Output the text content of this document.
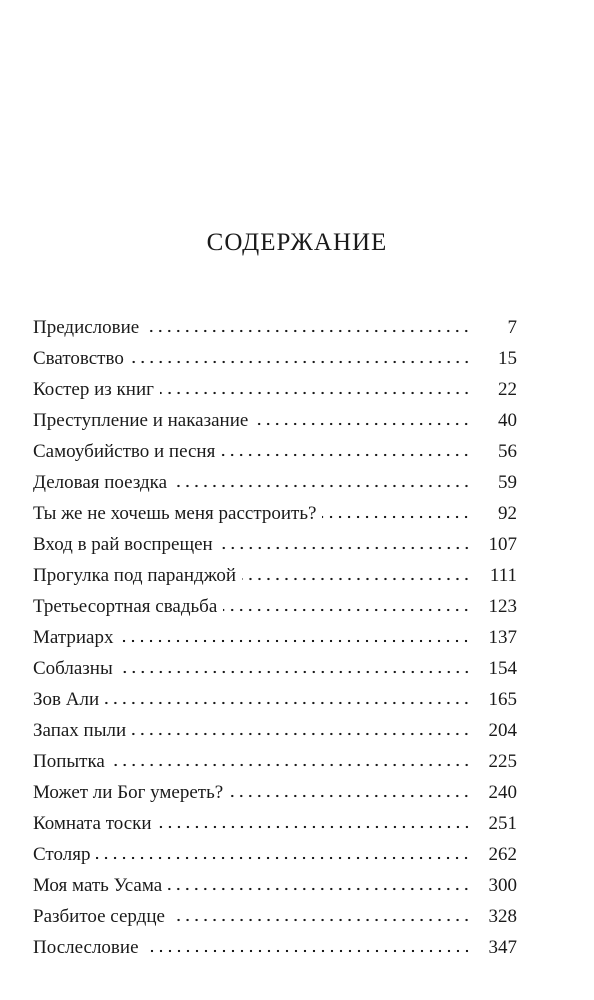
СОДЕРЖАНИЕ
Предисловие	7
Сватовство	15
Костер из книг	22
Преступление и наказание	40
Самоубийство и песня	56
Деловая поездка	59
Ты же не хочешь меня расстроить?	92
Вход в рай воспрещен	107
Прогулка под паранджой	111
Третьесортная свадьба	123
Матриарх	137
Соблазны	154
Зов Али	165
Запах пыли	204
Попытка	225
Может ли Бог умереть?	240
Комната тоски	251
Столяр	262
Моя мать Усама	300
Разбитое сердце	328
Послесловие	347
